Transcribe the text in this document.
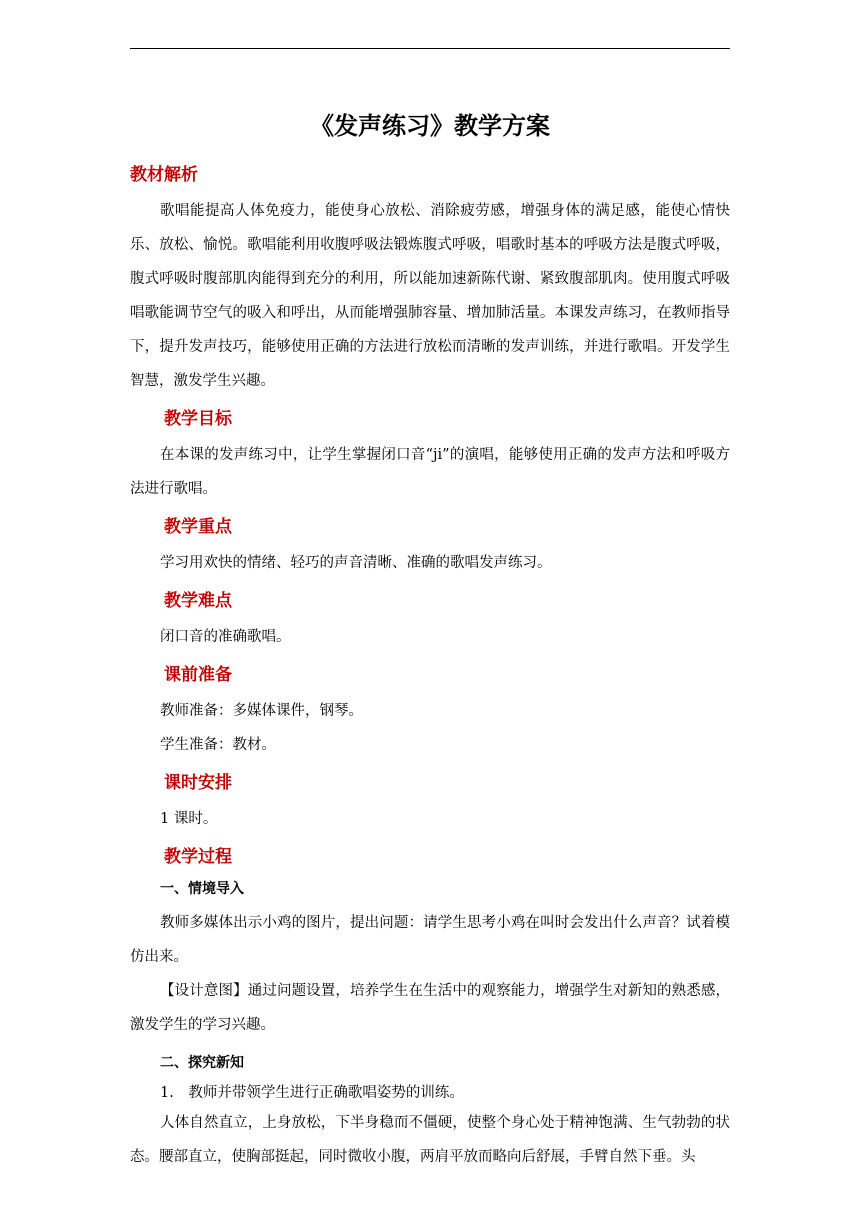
《发声练习》教学方案

教材解析

歌唱能提高人体免疫力，能使身心放松、消除疲劳感，增强身体的满足感，能使心情快乐、放松、愉悦。歌唱能利用收腹呼吸法锻炼腹式呼吸，唱歌时基本的呼吸方法是腹式呼吸，腹式呼吸时腹部肌肉能得到充分的利用，所以能加速新陈代谢、紧致腹部肌肉。使用腹式呼吸唱歌能调节空气的吸入和呼出，从而能增强肺容量、增加肺活量。本课发声练习，在教师指导下，提升发声技巧，能够使用正确的方法进行放松而清晰的发声训练，并进行歌唱。开发学生智慧，激发学生兴趣。

教学目标

在本课的发声练习中，让学生掌握闭口音“ji”的演唱，能够使用正确的发声方法和呼吸方法进行歌唱。

教学重点

学习用欢快的情绪、轻巧的声音清晰、准确的歌唱发声练习。

教学难点

闭口音的准确歌唱。

课前准备

教师准备：多媒体课件，钢琴。

学生准备：教材。

课时安排

1 课时。

教学过程

一、情境导入

教师多媒体出示小鸡的图片，提出问题：请学生思考小鸡在叫时会发出什么声音？试着模仿出来。

【设计意图】通过问题设置，培养学生在生活中的观察能力，增强学生对新知的熟悉感，激发学生的学习兴趣。

二、探究新知

1.　教师并带领学生进行正确歌唱姿势的训练。

人体自然直立，上身放松，下半身稳而不僵硬，使整个身心处于精神饱满、生气勃勃的状态。腰部直立，使胸部挺起，同时微收小腹，两肩平放而略向后舒展，手臂自然下垂。头
